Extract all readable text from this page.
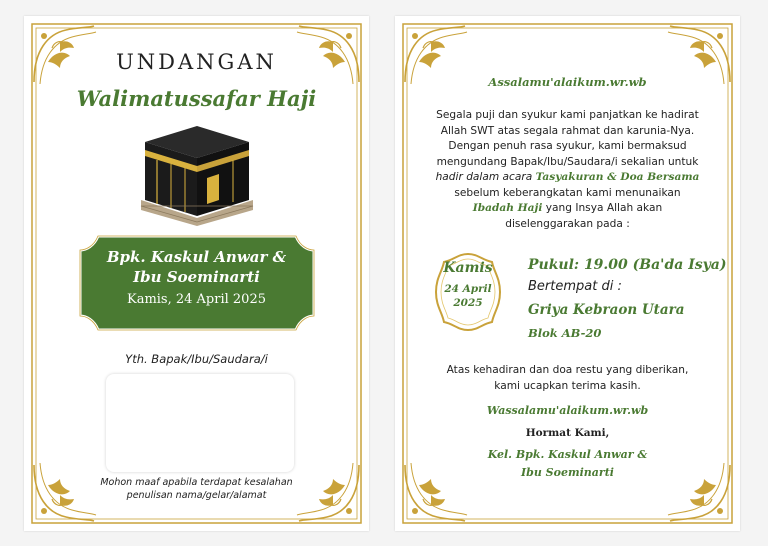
UNDANGAN
Walimatussafar Haji
Bpk. Kaskul Anwar &
Ibu Soeminarti
Kamis, 24 April 2025
Yth. Bapak/Ibu/Saudara/i
Mohon maaf apabila terdapat kesalahan
penulisan nama/gelar/alamat
Assalamu'alaikum.wr.wb
Segala puji dan syukur kami panjatkan ke hadirat
Allah SWT atas segala rahmat dan karunia-Nya.
Dengan penuh rasa syukur, kami bermaksud
mengundang Bapak/Ibu/Saudara/i sekalian untuk
hadir dalam acara Tasyakuran & Doa Bersama
sebelum keberangkatan kami menunaikan
Ibadah Haji yang Insya Allah akan
diselenggarakan pada :
Kamis
24 April
2025
Pukul: 19.00 (Ba'da Isya)
Bertempat di :
Griya Kebraon Utara
Blok AB-20
Atas kehadiran dan doa restu yang diberikan,
kami ucapkan terima kasih.
Wassalamu'alaikum.wr.wb
Hormat Kami,
Kel. Bpk. Kaskul Anwar &
Ibu Soeminarti
